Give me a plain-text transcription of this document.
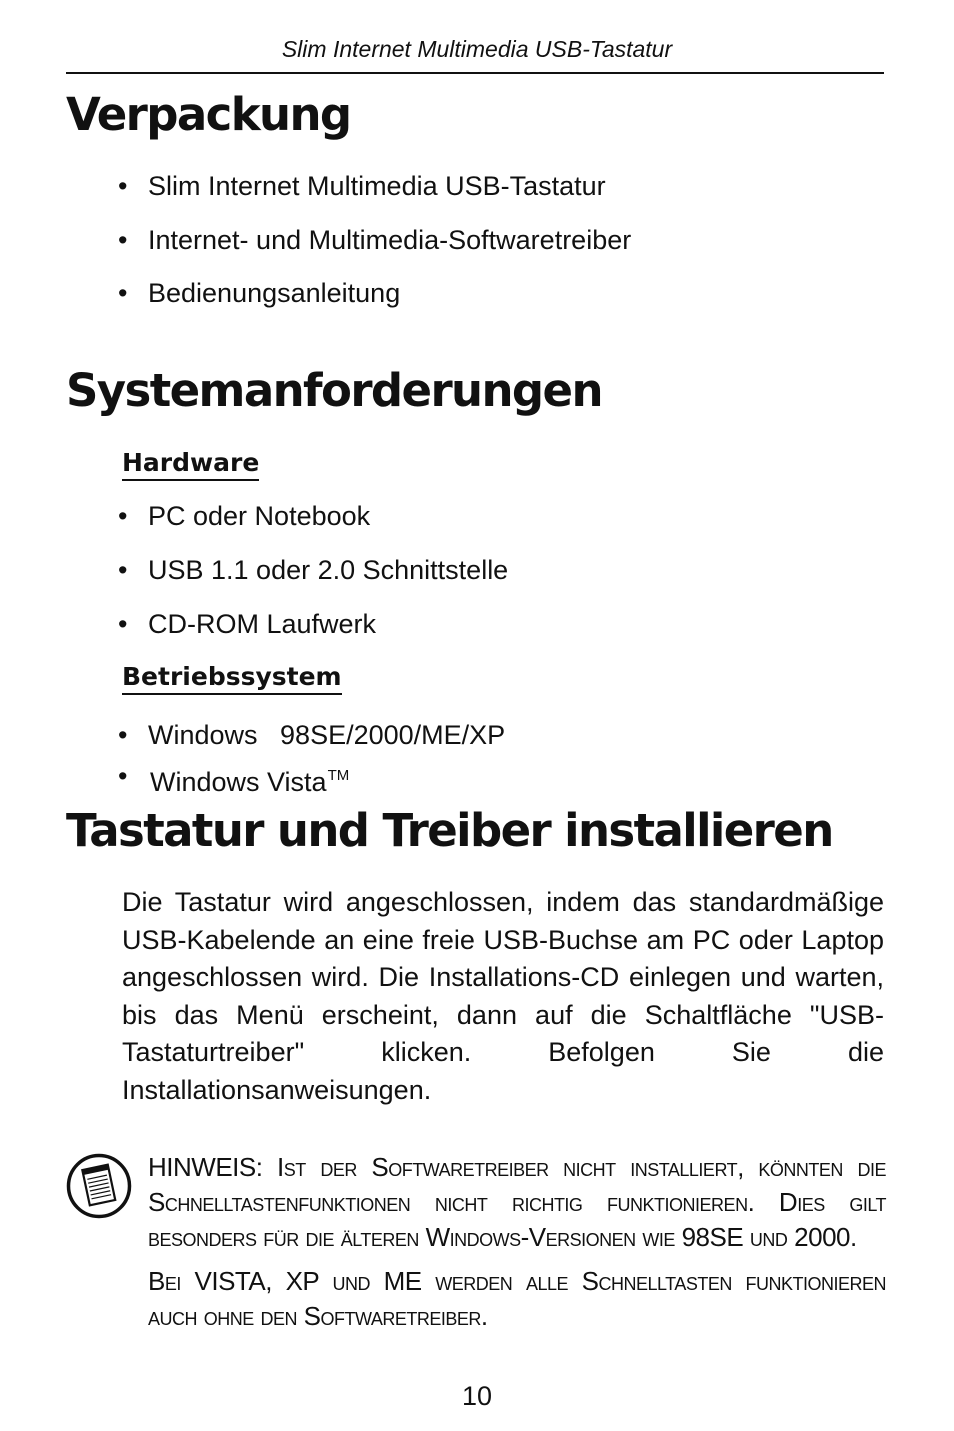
Slim Internet Multimedia USB-Tastatur
Verpackung
• Slim Internet Multimedia USB-Tastatur
• Internet- und Multimedia-Softwaretreiber
• Bedienungsanleitung
Systemanforderungen
Hardware
• PC oder Notebook
• USB 1.1 oder 2.0 Schnittstelle
• CD-ROM Laufwerk
Betriebssystem
• Windows   98SE/2000/ME/XP
• Windows Vista™
Tastatur und Treiber installieren

Die Tastatur wird angeschlossen, indem das standardmäßige USB-Kabelende an eine freie USB-Buchse am PC oder Laptop angeschlossen wird. Die Installations-CD einlegen und warten, bis das Menü erscheint, dann auf die Schaltfläche "USB-Tastaturtreiber" klicken. Befolgen Sie die Installationsanweisungen.

HINWEIS: Ist der Softwaretreiber nicht installiert, könnten die Schnelltastenfunktionen nicht richtig funktionieren. Dies gilt besonders für die älteren Windows-Versionen wie 98SE und 2000.

Bei VISTA, XP und ME werden alle Schnelltasten funktionieren auch ohne den Softwaretreiber.

10
